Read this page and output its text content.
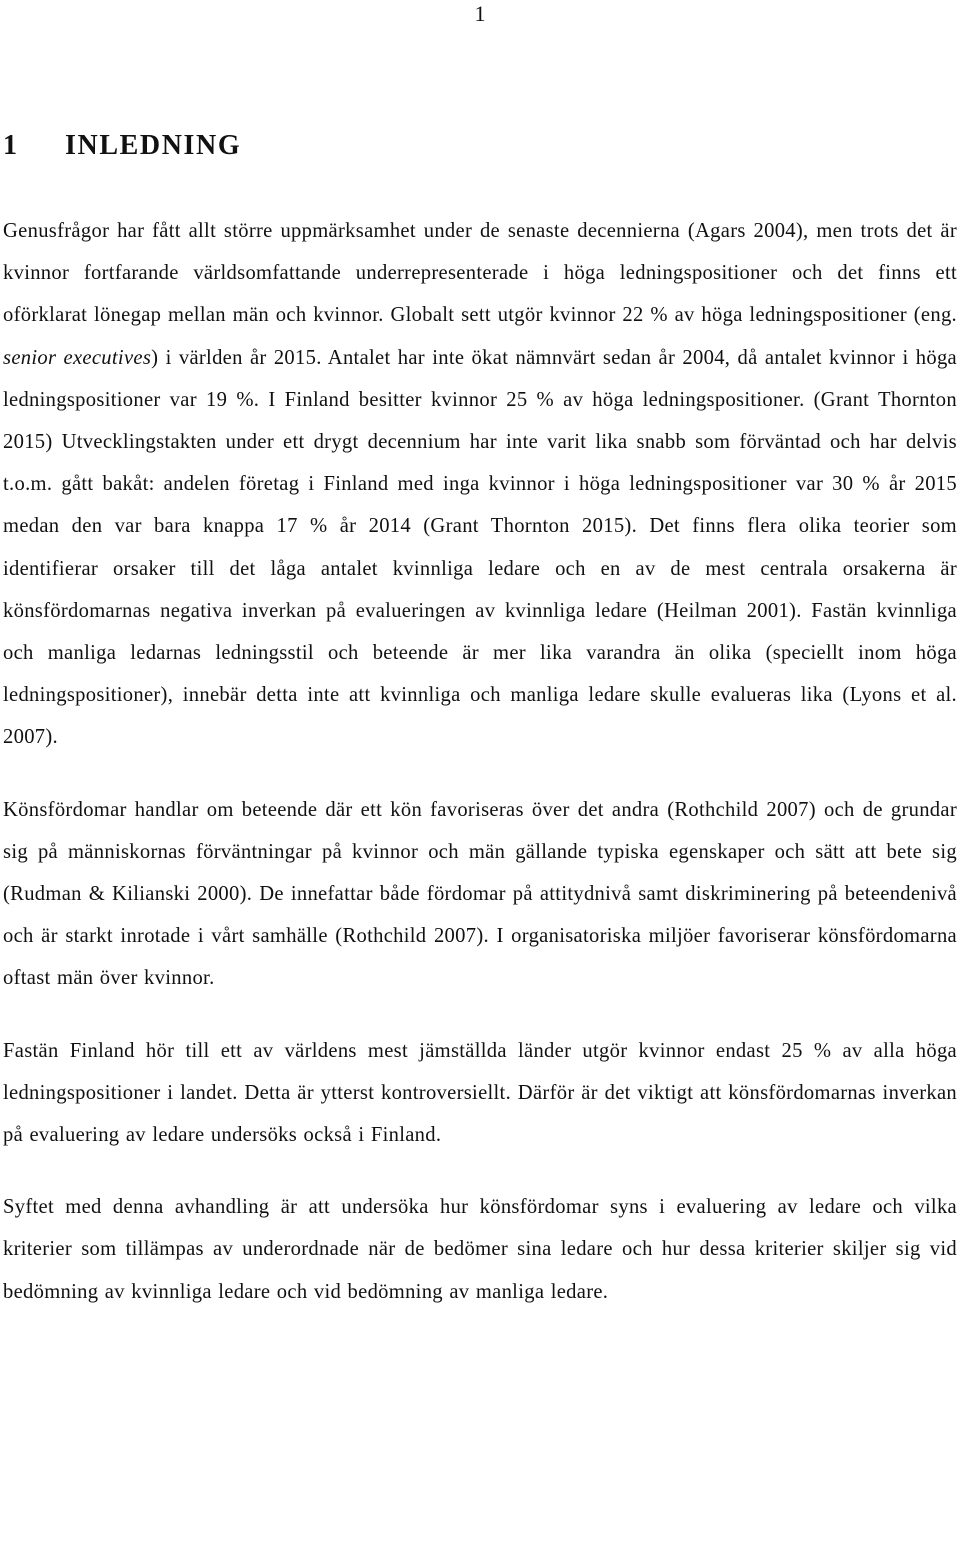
1
1 INLEDNING

Genusfrågor har fått allt större uppmärksamhet under de senaste decennierna (Agars 2004), men trots det är kvinnor fortfarande världsomfattande underrepresenterade i höga ledningspositioner och det finns ett oförklarat lönegap mellan män och kvinnor. Globalt sett utgör kvinnor 22 % av höga ledningspositioner (eng. senior executives) i världen år 2015. Antalet har inte ökat nämnvärt sedan år 2004, då antalet kvinnor i höga ledningspositioner var 19 %. I Finland besitter kvinnor 25 % av höga ledningspositioner. (Grant Thornton 2015) Utvecklingstakten under ett drygt decennium har inte varit lika snabb som förväntad och har delvis t.o.m. gått bakåt: andelen företag i Finland med inga kvinnor i höga ledningspositioner var 30 % år 2015 medan den var bara knappa 17 % år 2014 (Grant Thornton 2015). Det finns flera olika teorier som identifierar orsaker till det låga antalet kvinnliga ledare och en av de mest centrala orsakerna är könsfördomarnas negativa inverkan på evalueringen av kvinnliga ledare (Heilman 2001). Fastän kvinnliga och manliga ledarnas ledningsstil och beteende är mer lika varandra än olika (speciellt inom höga ledningspositioner), innebär detta inte att kvinnliga och manliga ledare skulle evalueras lika (Lyons et al. 2007).

Könsfördomar handlar om beteende där ett kön favoriseras över det andra (Rothchild 2007) och de grundar sig på människornas förväntningar på kvinnor och män gällande typiska egenskaper och sätt att bete sig (Rudman & Kilianski 2000). De innefattar både fördomar på attitydnivå samt diskriminering på beteendenivå och är starkt inrotade i vårt samhälle (Rothchild 2007). I organisatoriska miljöer favoriserar könsfördomarna oftast män över kvinnor.

Fastän Finland hör till ett av världens mest jämställda länder utgör kvinnor endast 25 % av alla höga ledningspositioner i landet. Detta är ytterst kontroversiellt. Därför är det viktigt att könsfördomarnas inverkan på evaluering av ledare undersöks också i Finland.

Syftet med denna avhandling är att undersöka hur könsfördomar syns i evaluering av ledare och vilka kriterier som tillämpas av underordnade när de bedömer sina ledare och hur dessa kriterier skiljer sig vid bedömning av kvinnliga ledare och vid bedömning av manliga ledare.
